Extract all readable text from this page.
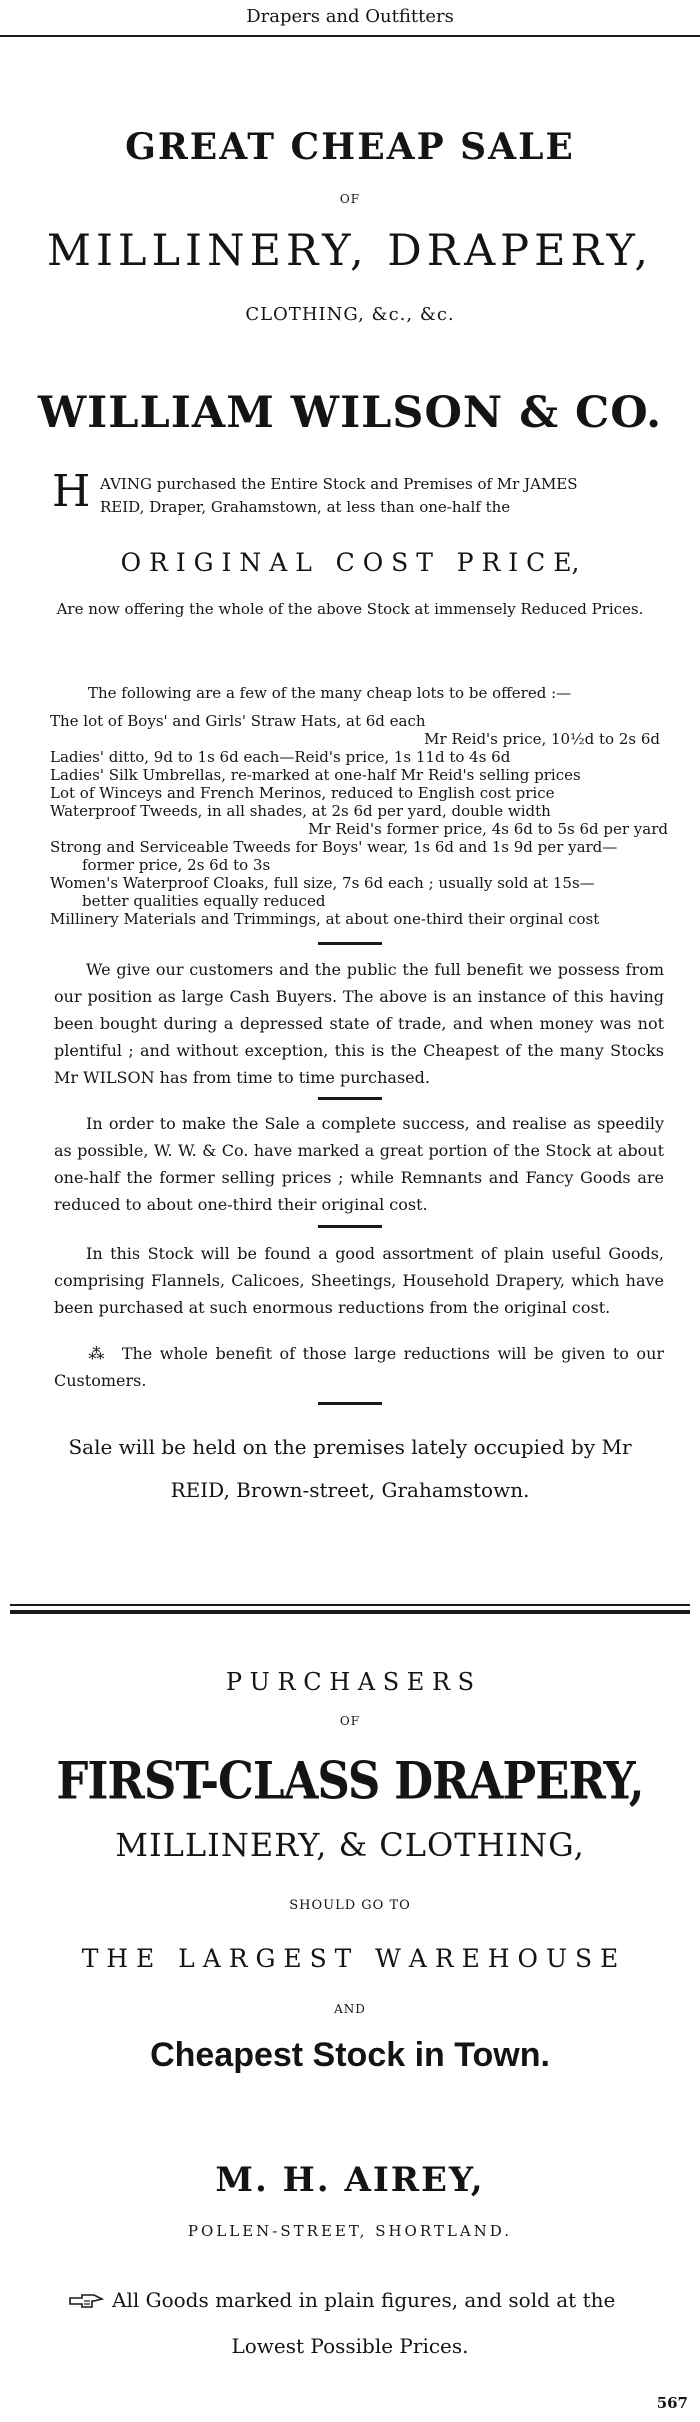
Drapers and Outfitters
GREAT CHEAP SALE
OF
MILLINERY, DRAPERY,
CLOTHING, &c., &c.
WILLIAM WILSON & CO.
H AVING purchased the Entire Stock and Premises of Mr JAMES
REID, Draper, Grahamstown, at less than one-half the
O R I G I N A L   C O S T   P R I C E,
Are now offering the whole of the above Stock at immensely Reduced Prices.
The following are a few of the many cheap lots to be offered :—
The lot of Boys' and Girls' Straw Hats, at 6d each
Mr Reid's price, 10½d to 2s 6d
Ladies' ditto, 9d to 1s 6d each—Reid's price, 1s 11d to 4s 6d
Ladies' Silk Umbrellas, re-marked at one-half Mr Reid's selling prices
Lot of Winceys and French Merinos, reduced to English cost price
Waterproof Tweeds, in all shades, at 2s 6d per yard, double width
Mr Reid's former price, 4s 6d to 5s 6d per yard
Strong and Serviceable Tweeds for Boys' wear, 1s 6d and 1s 9d per yard—
former price, 2s 6d to 3s
Women's Waterproof Cloaks, full size, 7s 6d each ; usually sold at 15s—
better qualities equally reduced
Millinery Materials and Trimmings, at about one-third their orginal cost
We give our customers and the public the full benefit we possess from our position as large Cash Buyers. The above is an instance of this having been bought during a depressed state of trade, and when money was not plentiful ; and without exception, this is the Cheapest of the many Stocks Mr WILSON has from time to time purchased.
In order to make the Sale a complete success, and realise as speedily as possible, W. W. & Co. have marked a great portion of the Stock at about one-half the former selling prices ; while Remnants and Fancy Goods are reduced to about one-third their original cost.
In this Stock will be found a good assortment of plain useful Goods, comprising Flannels, Calicoes, Sheetings, Household Drapery, which have been purchased at such enormous reductions from the original cost.
⁂ The whole benefit of those large reductions will be given to our Customers.
Sale will be held on the premises lately occupied by Mr
REID, Brown-street, Grahamstown.
P U R C H A S E R S
OF
FIRST-CLASS DRAPERY,
MILLINERY, & CLOTHING,
SHOULD GO TO
T H E   L A R G E S T   W A R E H O U S E
AND
Cheapest Stock in Town.
M. H. AIREY,
POLLEN-STREET, SHORTLAND.
All Goods marked in plain figures, and sold at the
Lowest Possible Prices.
567
